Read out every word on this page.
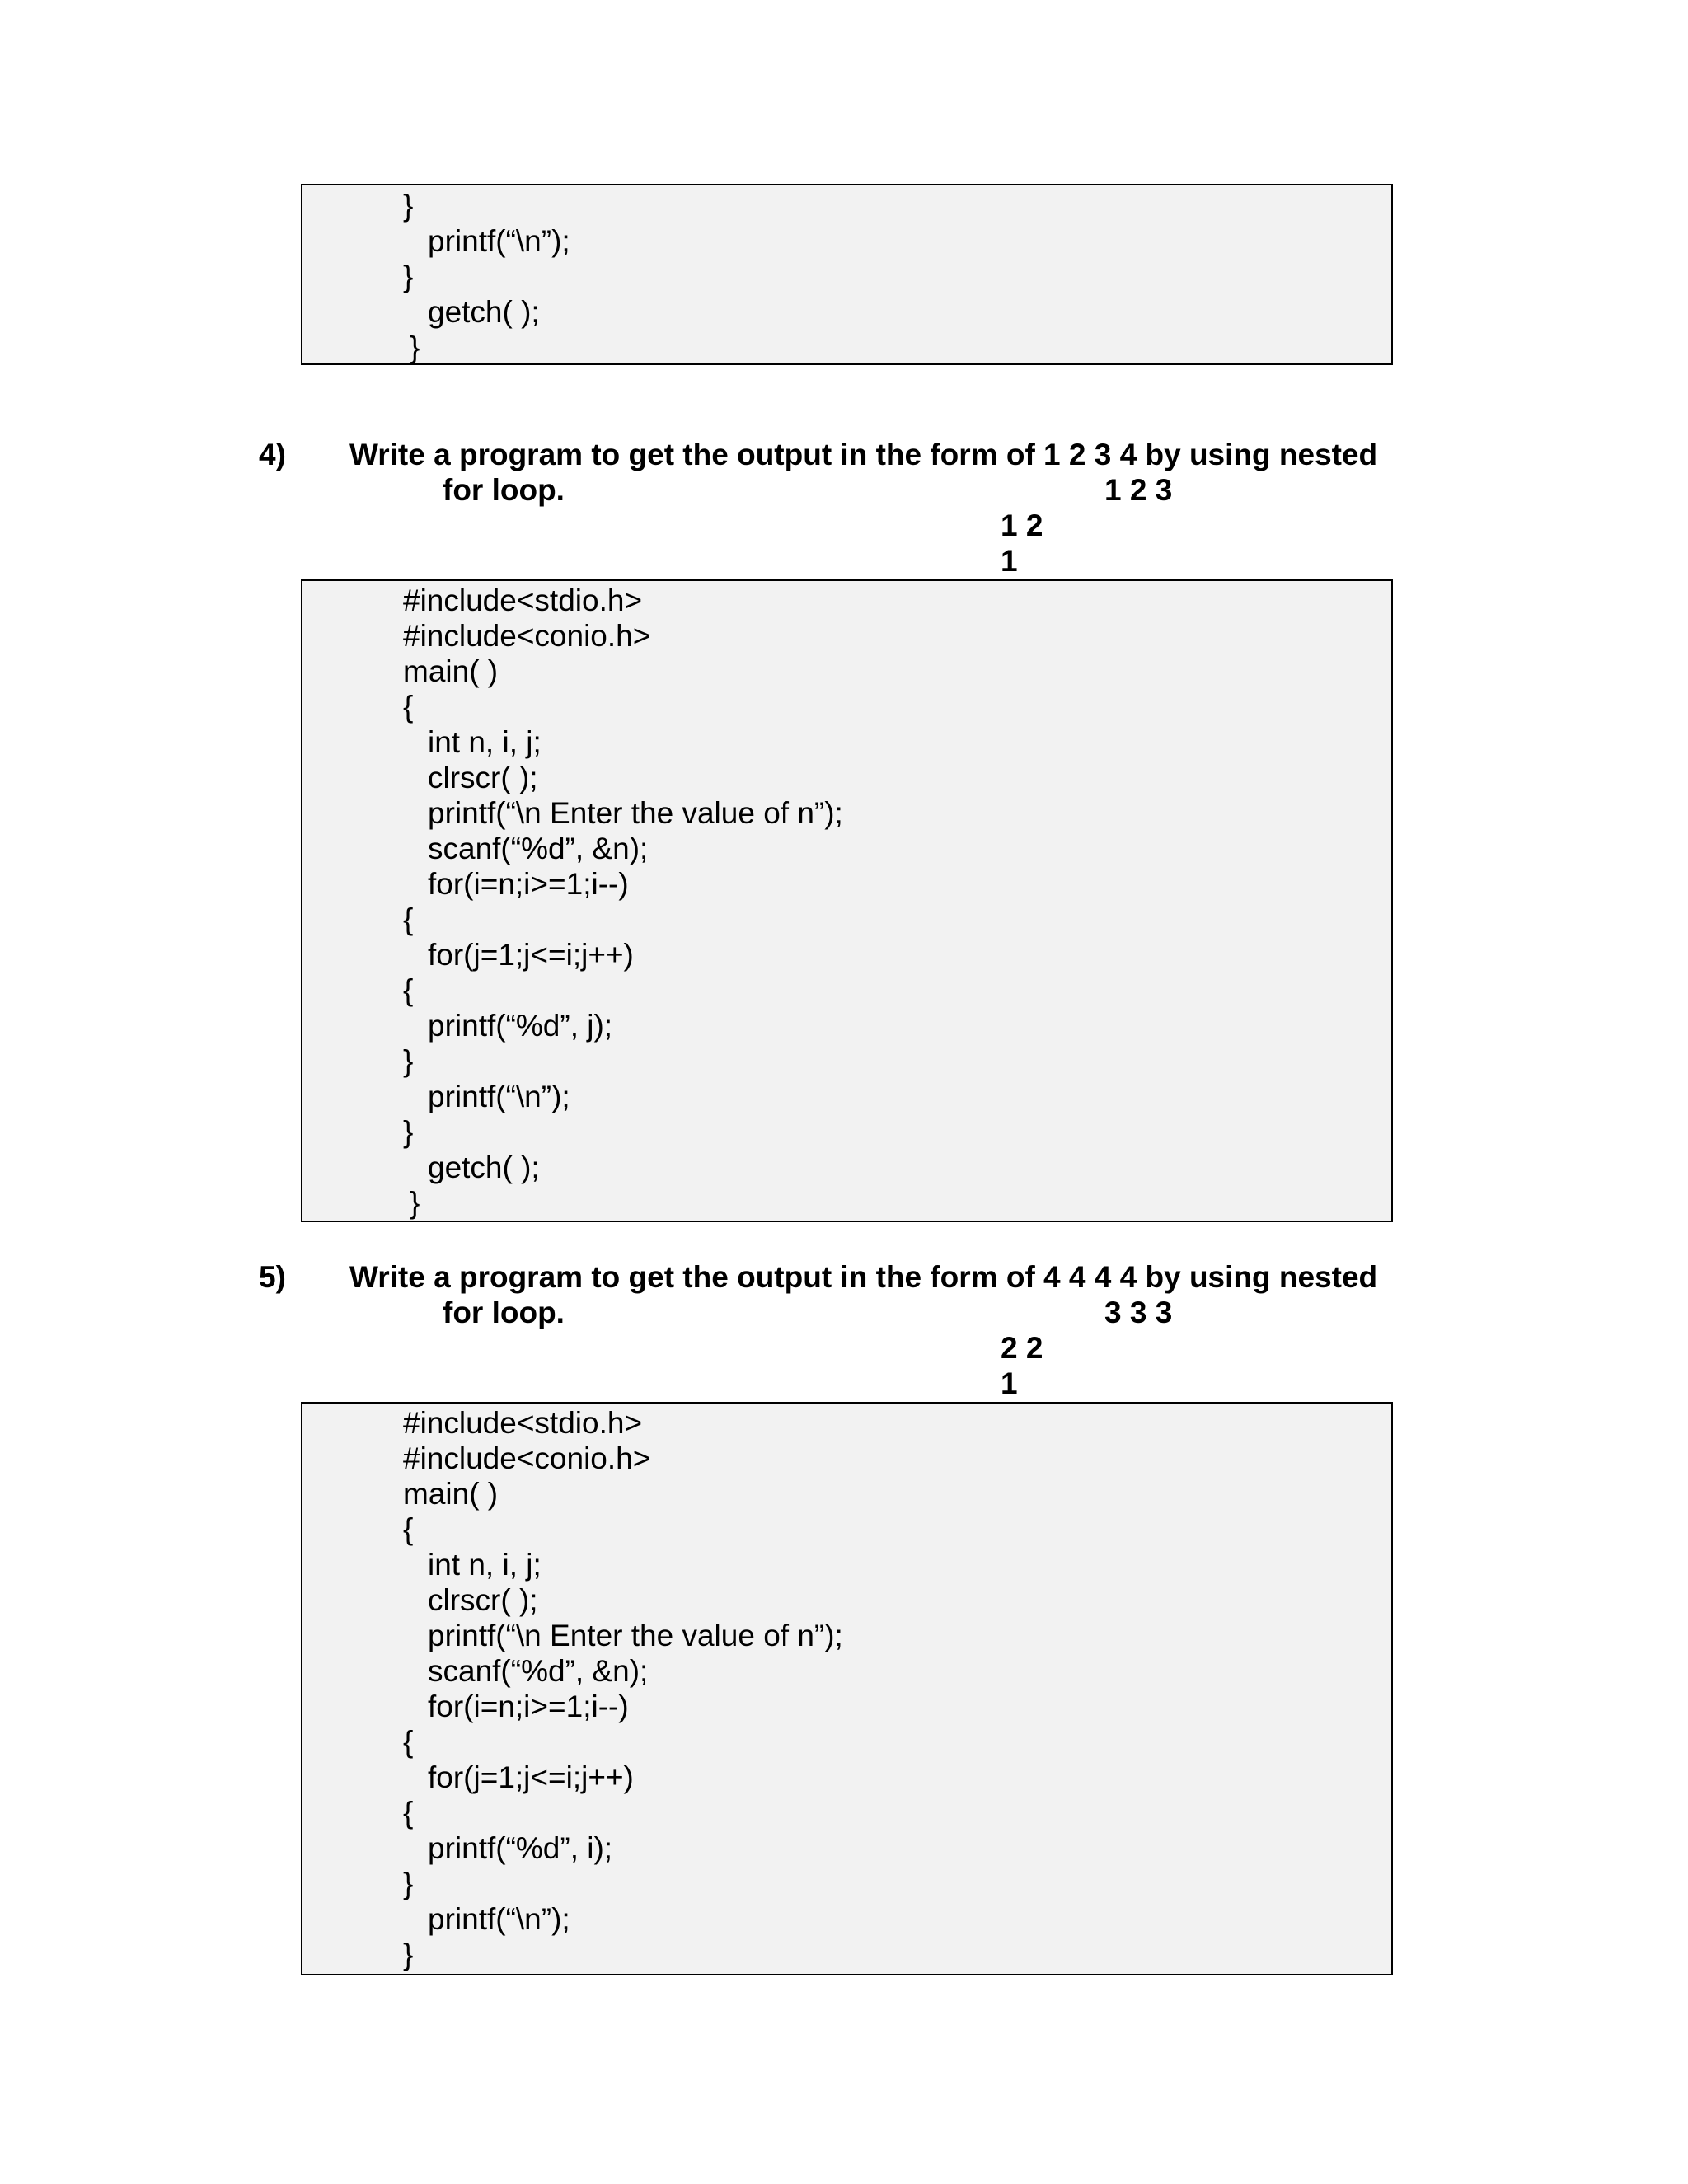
}
printf(“\n”);
}
getch( );
}
4) Write a program to get the output in the form of 1 2 3 4 by using nested
for loop.	1 2 3
1 2
1
#include<stdio.h>
#include<conio.h>
main( )
{
int n, i, j;
clrscr( );
printf(“\n Enter the value of n”);
scanf(“%d”, &n);
for(i=n;i>=1;i--)
{
for(j=1;j<=i;j++)
{
printf(“%d”, j);
}
printf(“\n”);
}
getch( );
}
5) Write a program to get the output in the form of 4 4 4 4 by using nested
for loop.	3 3 3
2 2
1
#include<stdio.h>
#include<conio.h>
main( )
{
int n, i, j;
clrscr( );
printf(“\n Enter the value of n”);
scanf(“%d”, &n);
for(i=n;i>=1;i--)
{
for(j=1;j<=i;j++)
{
printf(“%d”, i);
}
printf(“\n”);
}
